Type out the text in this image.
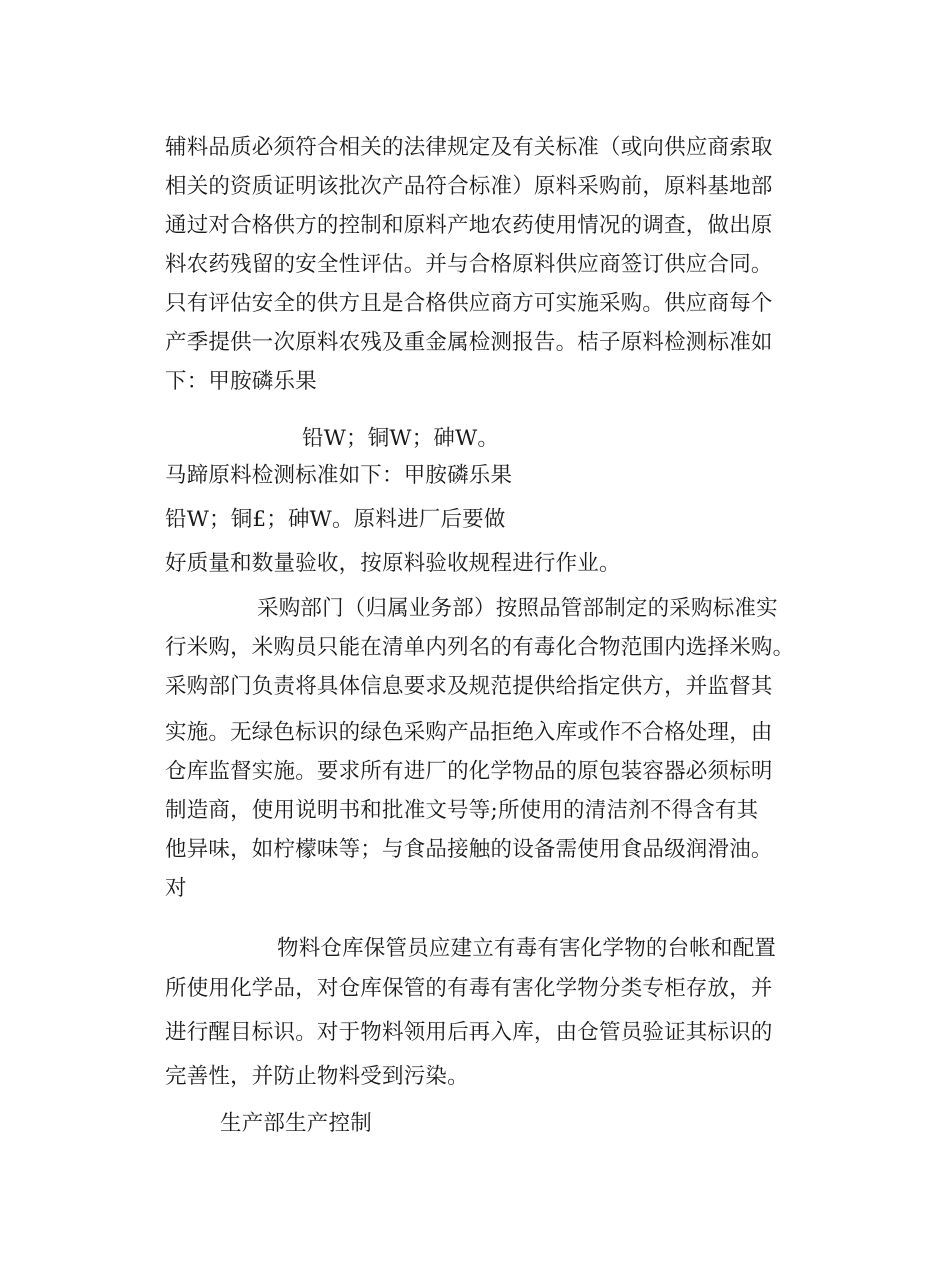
辅料品质必须符合相关的法律规定及有关标准（或向供应商索取
相关的资质证明该批次产品符合标准）原料采购前，原料基地部
通过对合格供方的控制和原料产地农药使用情况的调查，做出原
料农药残留的安全性评估。并与合格原料供应商签订供应合同。
只有评估安全的供方且是合格供应商方可实施采购。供应商每个
产季提供一次原料农残及重金属检测报告。桔子原料检测标准如
下：甲胺磷乐果
铅W；铜W；砷W。
马蹄原料检测标准如下：甲胺磷乐果
铅W；铜£；砷W。原料进厂后要做
好质量和数量验收，按原料验收规程进行作业。
采购部门（归属业务部）按照品管部制定的采购标准实
行米购，米购员只能在清单内列名的有毒化合物范围内选择米购。
采购部门负责将具体信息要求及规范提供给指定供方，并监督其
实施。无绿色标识的绿色采购产品拒绝入库或作不合格处理，由
仓库监督实施。要求所有进厂的化学物品的原包装容器必须标明
制造商，使用说明书和批准文号等;所使用的清洁剂不得含有其
他异味，如柠檬味等；与食品接触的设备需使用食品级润滑油。
对
物料仓库保管员应建立有毒有害化学物的台帐和配置
所使用化学品，对仓库保管的有毒有害化学物分类专柜存放，并
进行醒目标识。对于物料领用后再入库，由仓管员验证其标识的
完善性，并防止物料受到污染。
生产部生产控制
